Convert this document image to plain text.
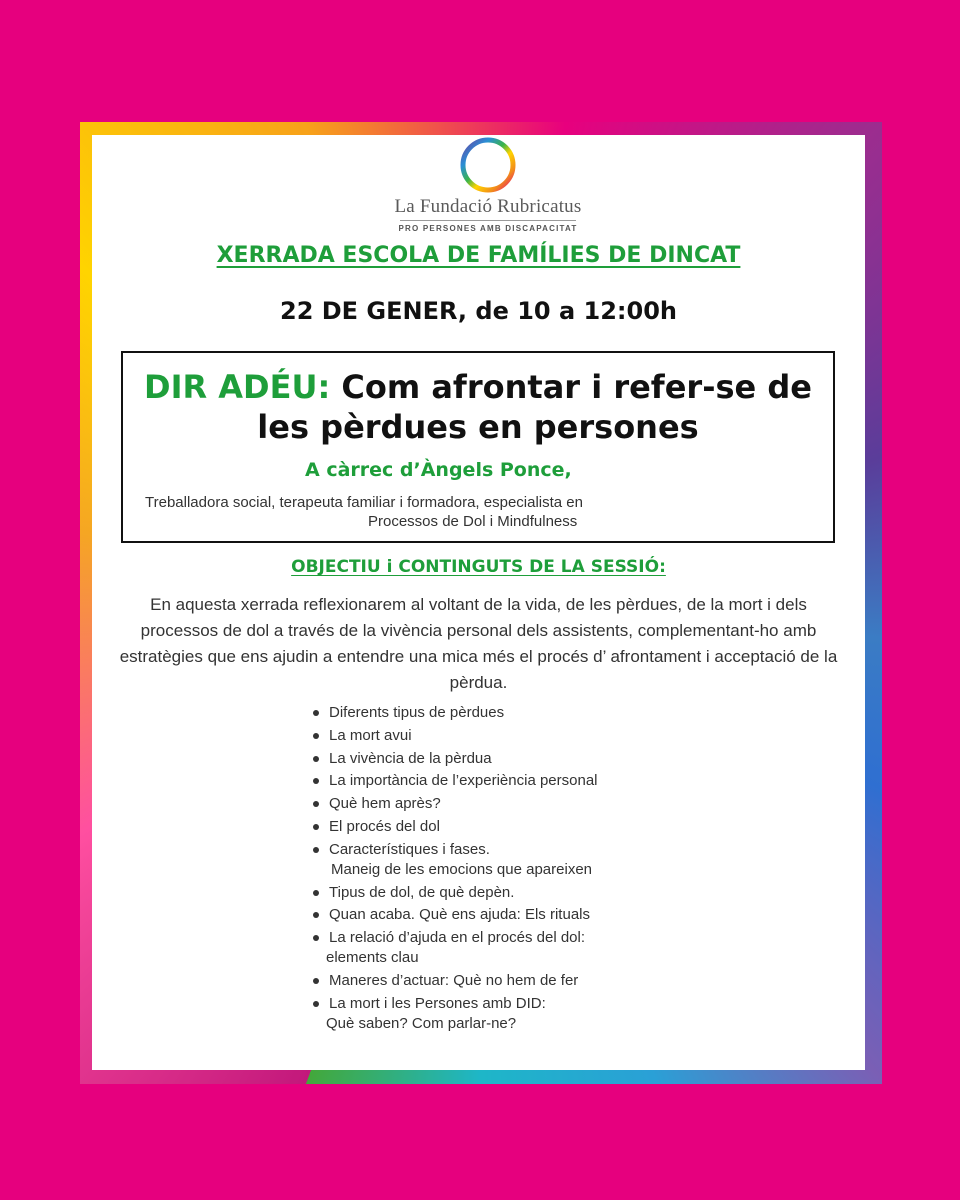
La Fundació Rubricatus
PRO PERSONES AMB DISCAPACITAT
XERRADA ESCOLA DE FAMÍLIES DE DINCAT
22 DE GENER, de 10 a 12:00h
DIR ADÉU: Com afrontar i refer-se de les pèrdues en persones
A càrrec d’Àngels Ponce,
Treballadora social, terapeuta familiar i formadora, especialista en
Processos de Dol i Mindfulness
OBJECTIU i CONTINGUTS DE LA SESSIÓ:
En aquesta xerrada reflexionarem al voltant de la vida, de les pèrdues, de la mort i dels processos de dol a través de la vivència personal dels assistents, complementant-ho amb estratègies que ens ajudin a entendre una mica més el procés d’ afrontament i acceptació de la pèrdua.
Diferents tipus de pèrdues
La mort avui
La vivència de la pèrdua
La importància de l’experiència personal
Què hem après?
El procés del dol
Característiques i fases.
Maneig de les emocions que apareixen
Tipus de dol, de què depèn.
Quan acaba. Què ens ajuda: Els rituals
La relació d’ajuda en el procés del dol:
elements clau
Maneres d’actuar: Què no hem de fer
La mort i les Persones amb DID:
Què saben? Com parlar-ne?
